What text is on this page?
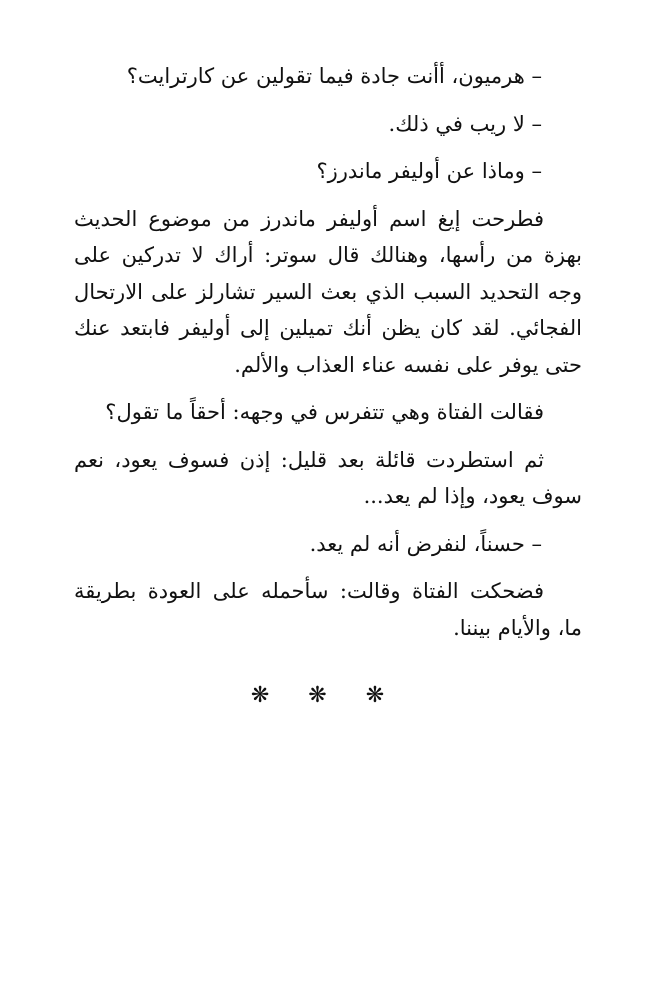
– هرميون، أأنت جادة فيما تقولين عن كارترايت؟

– لا ريب في ذلك.

– وماذا عن أوليفر ماندرز؟

فطرحت إيغ اسم أوليفر ماندرز من موضوع الحديث بهزة من رأسها، وهنالك قال سوتر: أراك لا تدركين على وجه التحديد السبب الذي بعث السير تشارلز على الارتحال الفجائي. لقد كان يظن أنك تميلين إلى أوليفر فابتعد عنك حتى يوفر على نفسه عناء العذاب والألم.

فقالت الفتاة وهي تتفرس في وجهه: أحقاً ما تقول؟

ثم استطردت قائلة بعد قليل: إذن فسوف يعود، نعم سوف يعود، وإذا لم يعد...

– حسناً، لنفرض أنه لم يعد.

فضحكت الفتاة وقالت: سأحمله على العودة بطريقة ما، والأيام بيننا.

❋ ❋ ❋
